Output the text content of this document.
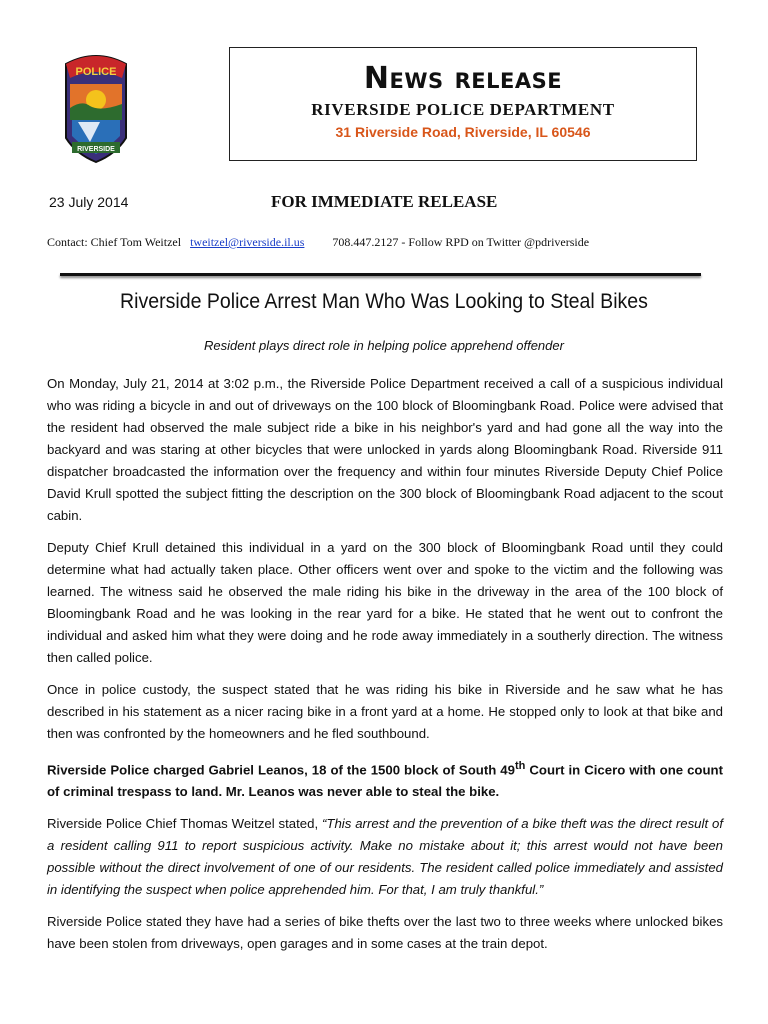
POLICE
RIVERSIDE
News release
RIVERSIDE POLICE DEPARTMENT
31 Riverside Road, Riverside, IL 60546
23 July 2014	FOR IMMEDIATE RELEASE
Contact: Chief Tom Weitzel tweitzel@riverside.il.us 708.447.2127 - Follow RPD on Twitter @pdriverside
Riverside Police Arrest Man Who Was Looking to Steal Bikes
Resident plays direct role in helping police apprehend offender

On Monday, July 21, 2014 at 3:02 p.m., the Riverside Police Department received a call of a suspicious individual who was riding a bicycle in and out of driveways on the 100 block of Bloomingbank Road. Police were advised that the resident had observed the male subject ride a bike in his neighbor's yard and had gone all the way into the backyard and was staring at other bicycles that were unlocked in yards along Bloomingbank Road. Riverside 911 dispatcher broadcasted the information over the frequency and within four minutes Riverside Deputy Chief Police David Krull spotted the subject fitting the description on the 300 block of Bloomingbank Road adjacent to the scout cabin.

Deputy Chief Krull detained this individual in a yard on the 300 block of Bloomingbank Road until they could determine what had actually taken place. Other officers went over and spoke to the victim and the following was learned. The witness said he observed the male riding his bike in the driveway in the area of the 100 block of Bloomingbank Road and he was looking in the rear yard for a bike. He stated that he went out to confront the individual and asked him what they were doing and he rode away immediately in a southerly direction. The witness then called police.

Once in police custody, the suspect stated that he was riding his bike in Riverside and he saw what he has described in his statement as a nicer racing bike in a front yard at a home. He stopped only to look at that bike and then was confronted by the homeowners and he fled southbound.

Riverside Police charged Gabriel Leanos, 18 of the 1500 block of South 49th Court in Cicero with one count of criminal trespass to land. Mr. Leanos was never able to steal the bike.

Riverside Police Chief Thomas Weitzel stated, “This arrest and the prevention of a bike theft was the direct result of a resident calling 911 to report suspicious activity. Make no mistake about it; this arrest would not have been possible without the direct involvement of one of our residents. The resident called police immediately and assisted in identifying the suspect when police apprehended him. For that, I am truly thankful.”

Riverside Police stated they have had a series of bike thefts over the last two to three weeks where unlocked bikes have been stolen from driveways, open garages and in some cases at the train depot.
